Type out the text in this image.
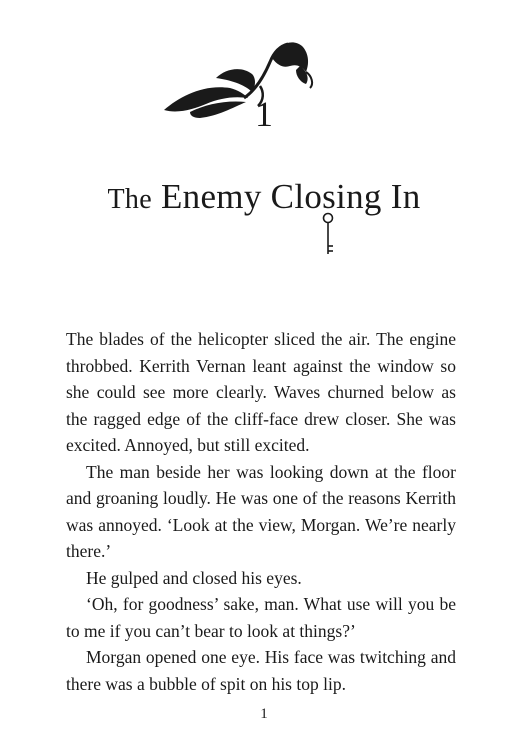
1
The Enemy Closing In

The blades of the helicopter sliced the air. The engine throbbed. Kerrith Vernan leant against the window so she could see more clearly. Waves churned below as the ragged edge of the cliff-face drew closer. She was excited. Annoyed, but still excited.

The man beside her was looking down at the floor and groaning loudly. He was one of the reasons Kerrith was annoyed. ‘Look at the view, Morgan. We’re nearly there.’

He gulped and closed his eyes.

‘Oh, for goodness’ sake, man. What use will you be to me if you can’t bear to look at things?’

Morgan opened one eye. His face was twitching and there was a bubble of spit on his top lip.

1
